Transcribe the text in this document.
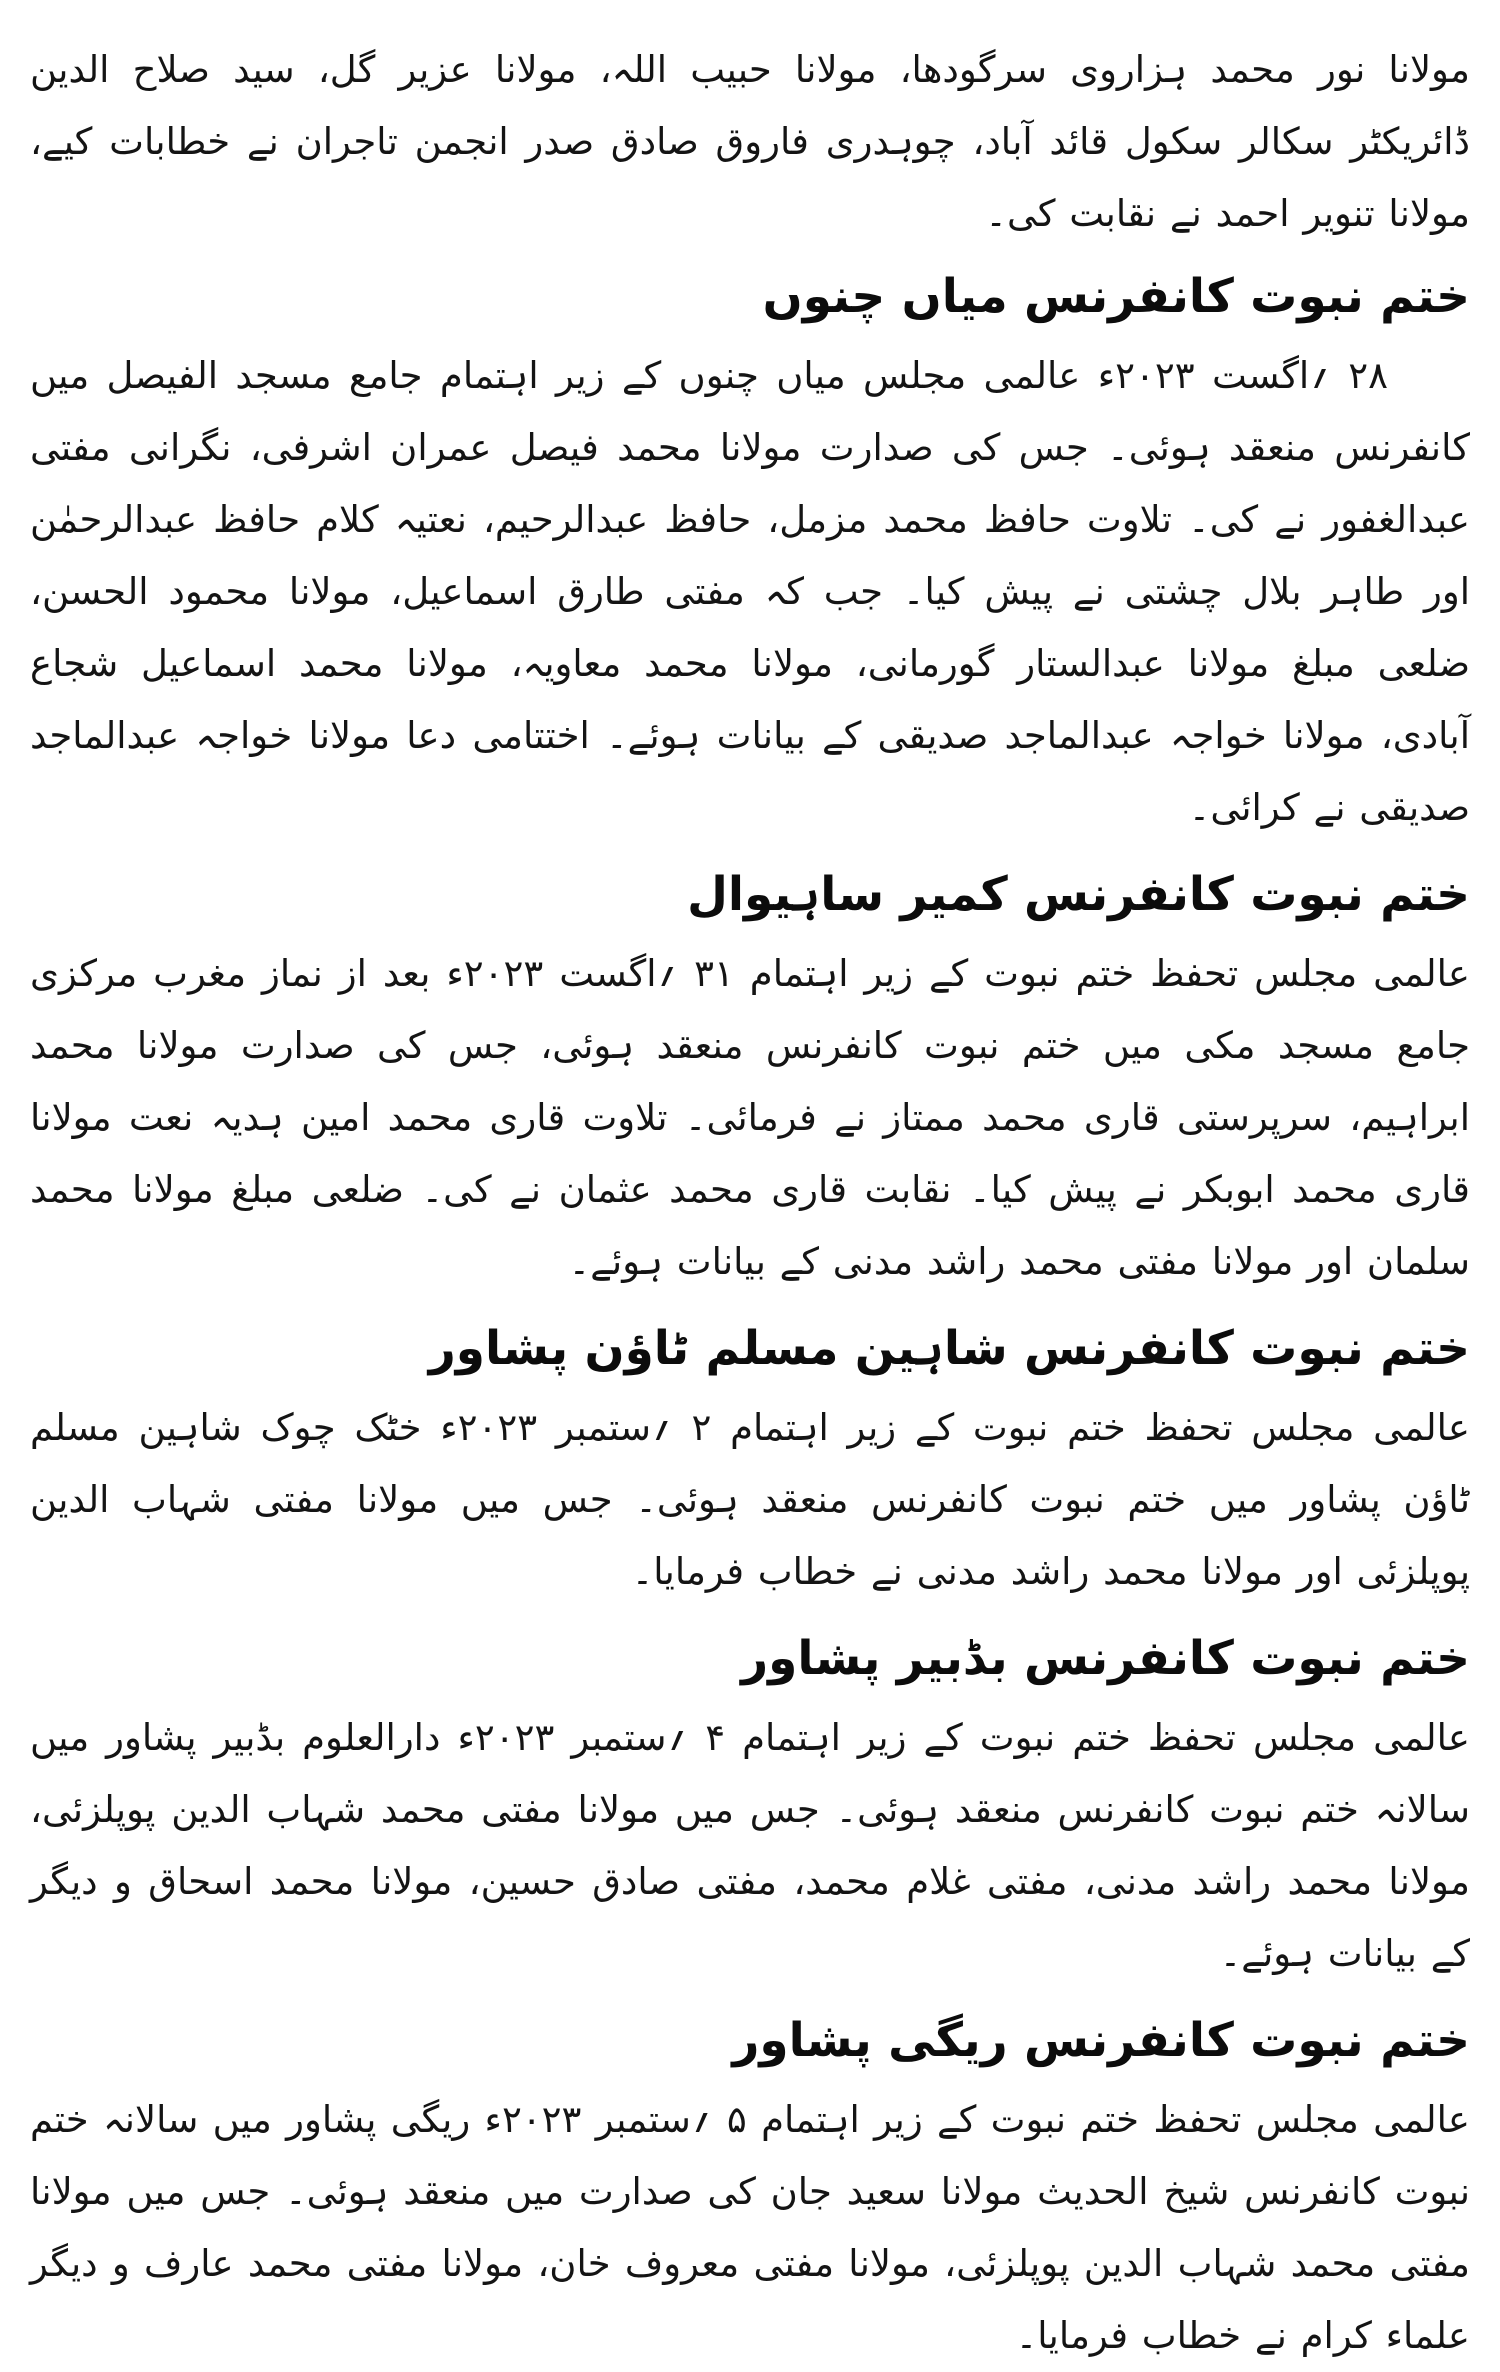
مولانا نور محمد ہزاروی سرگودھا، مولانا حبیب اللہ، مولانا عزیر گل، سید صلاح الدین ڈائریکٹر سکالر سکول قائد آباد، چوہدری فاروق صادق صدر انجمن تاجران نے خطابات کیے، مولانا تنویر احمد نے نقابت کی۔

ختم نبوت کانفرنس میاں چنوں

۲۸ ؍اگست ۲۰۲۳ء عالمی مجلس میاں چنوں کے زیر اہتمام جامع مسجد الفیصل میں کانفرنس منعقد ہوئی۔ جس کی صدارت مولانا محمد فیصل عمران اشرفی، نگرانی مفتی عبدالغفور نے کی۔ تلاوت حافظ محمد مزمل، حافظ عبدالرحیم، نعتیہ کلام حافظ عبدالرحمٰن اور طاہر بلال چشتی نے پیش کیا۔ جب کہ مفتی طارق اسماعیل، مولانا محمود الحسن، ضلعی مبلغ مولانا عبدالستار گورمانی، مولانا محمد معاویہ، مولانا محمد اسماعیل شجاع آبادی، مولانا خواجہ عبدالماجد صدیقی کے بیانات ہوئے۔ اختتامی دعا مولانا خواجہ عبدالماجد صدیقی نے کرائی۔

ختم نبوت کانفرنس کمیر ساہیوال

عالمی مجلس تحفظ ختم نبوت کے زیر اہتمام ۳۱ ؍اگست ۲۰۲۳ء بعد از نماز مغرب مرکزی جامع مسجد مکی میں ختم نبوت کانفرنس منعقد ہوئی، جس کی صدارت مولانا محمد ابراہیم، سرپرستی قاری محمد ممتاز نے فرمائی۔ تلاوت قاری محمد امین ہدیہ نعت مولانا قاری محمد ابوبکر نے پیش کیا۔ نقابت قاری محمد عثمان نے کی۔ ضلعی مبلغ مولانا محمد سلمان اور مولانا مفتی محمد راشد مدنی کے بیانات ہوئے۔

ختم نبوت کانفرنس شاہین مسلم ٹاؤن پشاور

عالمی مجلس تحفظ ختم نبوت کے زیر اہتمام ۲ ؍ستمبر ۲۰۲۳ء خٹک چوک شاہین مسلم ٹاؤن پشاور میں ختم نبوت کانفرنس منعقد ہوئی۔ جس میں مولانا مفتی شہاب الدین پوپلزئی اور مولانا محمد راشد مدنی نے خطاب فرمایا۔

ختم نبوت کانفرنس بڈبیر پشاور

عالمی مجلس تحفظ ختم نبوت کے زیر اہتمام ۴ ؍ستمبر ۲۰۲۳ء دارالعلوم بڈبیر پشاور میں سالانہ ختم نبوت کانفرنس منعقد ہوئی۔ جس میں مولانا مفتی محمد شہاب الدین پوپلزئی، مولانا محمد راشد مدنی، مفتی غلام محمد، مفتی صادق حسین، مولانا محمد اسحاق و دیگر کے بیانات ہوئے۔

ختم نبوت کانفرنس ریگی پشاور

عالمی مجلس تحفظ ختم نبوت کے زیر اہتمام ۵ ؍ستمبر ۲۰۲۳ء ریگی پشاور میں سالانہ ختم نبوت کانفرنس شیخ الحدیث مولانا سعید جان کی صدارت میں منعقد ہوئی۔ جس میں مولانا مفتی محمد شہاب الدین پوپلزئی، مولانا مفتی معروف خان، مولانا مفتی محمد عارف و دیگر علماء کرام نے خطاب فرمایا۔
